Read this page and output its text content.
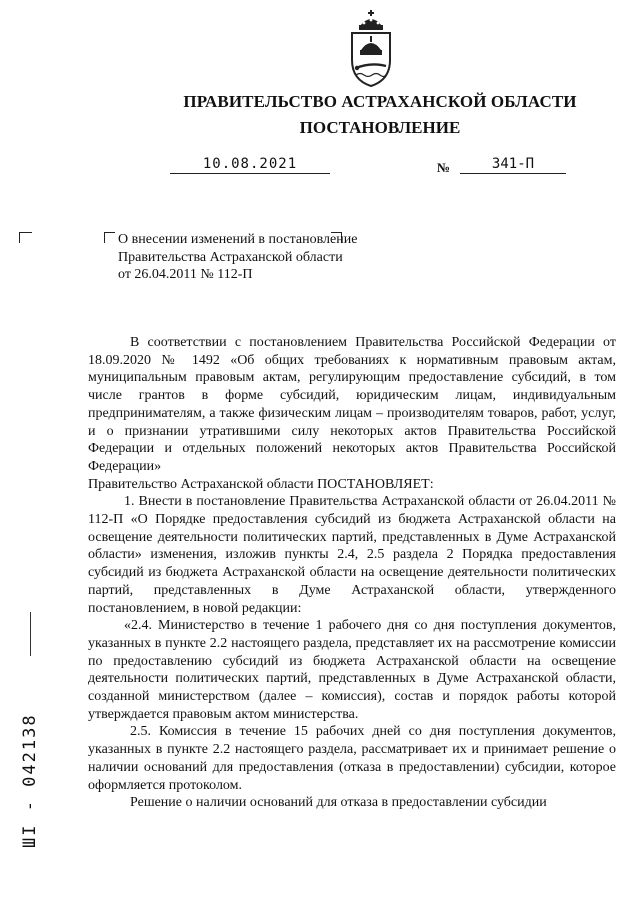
ПРАВИТЕЛЬСТВО АСТРАХАНСКОЙ ОБЛАСТИ
ПОСТАНОВЛЕНИЕ
10.08.2021	№	341-П
О внесении изменений в постановление Правительства Астраханской области от 26.04.2011 № 112-П

В соответствии с постановлением Правительства Российской Федерации от 18.09.2020 № 1492 «Об общих требованиях к нормативным правовым актам, муниципальным правовым актам, регулирующим предоставление субсидий, в том числе грантов в форме субсидий, юридическим лицам, индивидуальным предпринимателям, а также физическим лицам – производителям товаров, работ, услуг, и о признании утратившими силу некоторых актов Правительства Российской Федерации и отдельных положений некоторых актов Правительства Российской Федерации»

Правительство Астраханской области ПОСТАНОВЛЯЕТ:

1. Внести в постановление Правительства Астраханской области от 26.04.2011 № 112-П «О Порядке предоставления субсидий из бюджета Астраханской области на освещение деятельности политических партий, представленных в Думе Астраханской области» изменения, изложив пункты 2.4, 2.5 раздела 2 Порядка предоставления субсидий из бюджета Астраханской области на освещение деятельности политических партий, представленных в Думе Астраханской области, утвержденного постановлением, в новой редакции:

«2.4. Министерство в течение 1 рабочего дня со дня поступления документов, указанных в пункте 2.2 настоящего раздела, представляет их на рассмотрение комиссии по предоставлению субсидий из бюджета Астраханской области на освещение деятельности политических партий, представленных в Думе Астраханской области, созданной министерством (далее – комиссия), состав и порядок работы которой утверждается правовым актом министерства.

2.5. Комиссия в течение 15 рабочих дней со дня поступления документов, указанных в пункте 2.2 настоящего раздела, рассматривает их и принимает решение о наличии оснований для предоставления (отказа в предоставлении) субсидии, которое оформляется протоколом.

Решение о наличии оснований для отказа в предоставлении субсидии

ШI - 042138
